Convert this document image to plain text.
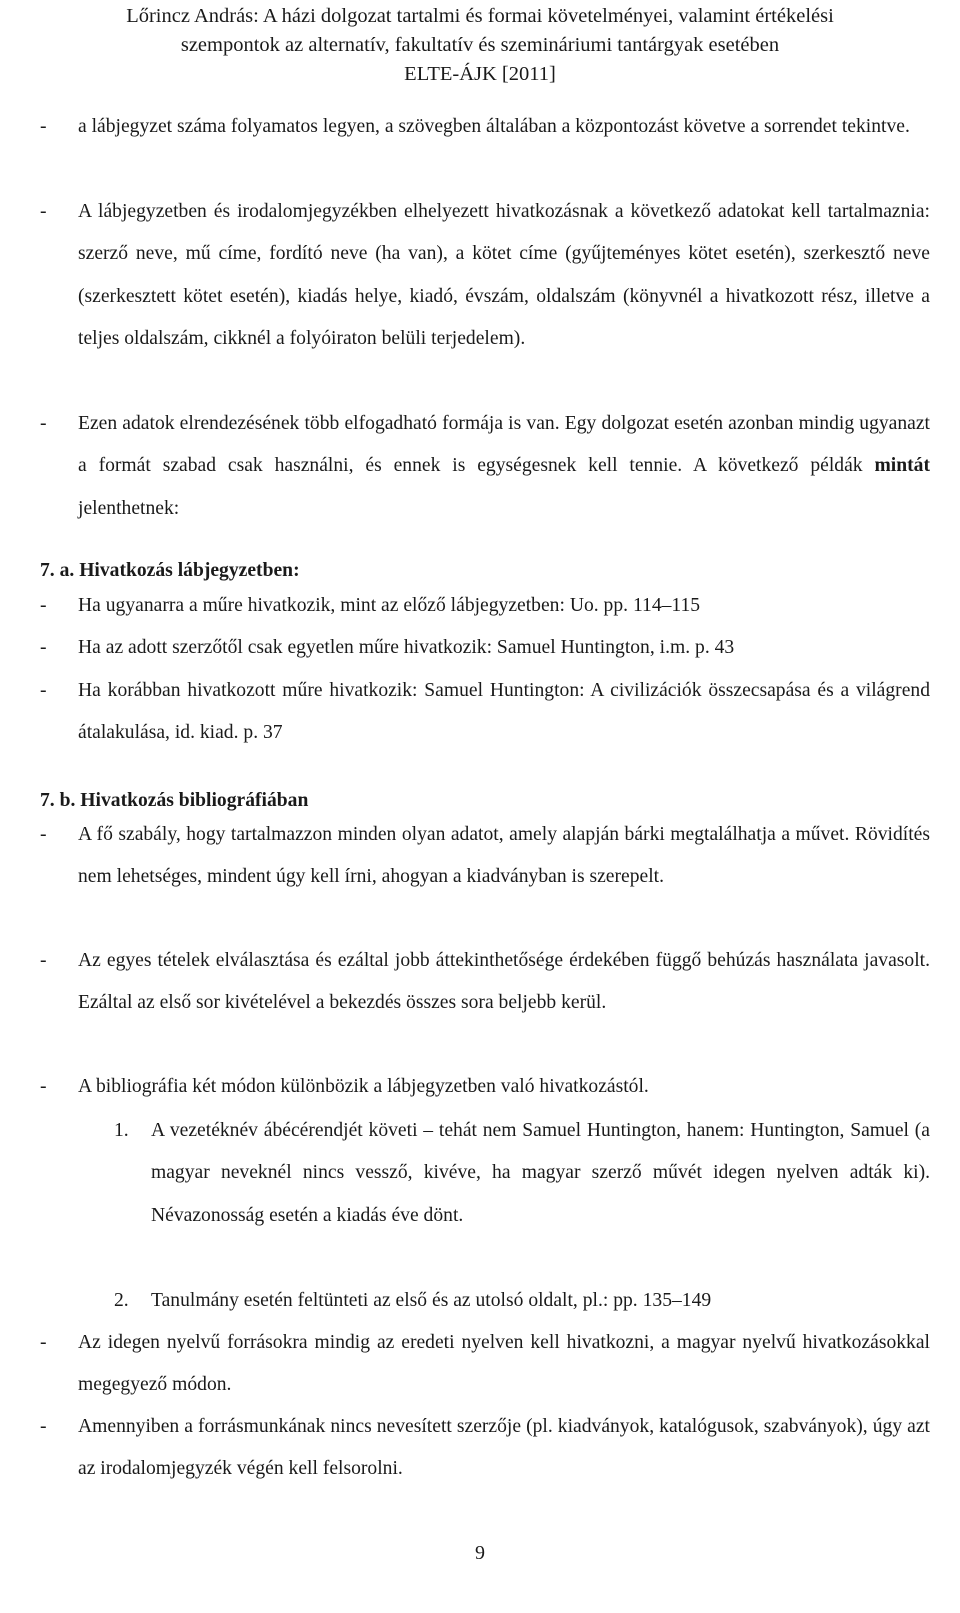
Lőrincz András: A házi dolgozat tartalmi és formai követelményei, valamint értékelési
szempontok az alternatív, fakultatív és szemináriumi tantárgyak esetében
ELTE-ÁJK [2011]
- a lábjegyzet száma folyamatos legyen, a szövegben általában a központozást követve a sorrendet tekintve.
- A lábjegyzetben és irodalomjegyzékben elhelyezett hivatkozásnak a következő adatokat kell tartalmaznia: szerző neve, mű címe, fordító neve (ha van), a kötet címe (gyűjteményes kötet esetén), szerkesztő neve (szerkesztett kötet esetén), kiadás helye, kiadó, évszám, oldalszám (könyvnél a hivatkozott rész, illetve a teljes oldalszám, cikknél a folyóiraton belüli terjedelem).
- Ezen adatok elrendezésének több elfogadható formája is van. Egy dolgozat esetén azonban mindig ugyanazt a formát szabad csak használni, és ennek is egységesnek kell tennie. A következő példák mintát jelenthetnek:
7. a. Hivatkozás lábjegyzetben:
- Ha ugyanarra a műre hivatkozik, mint az előző lábjegyzetben: Uo. pp. 114–115
- Ha az adott szerzőtől csak egyetlen műre hivatkozik: Samuel Huntington, i.m. p. 43
- Ha korábban hivatkozott műre hivatkozik: Samuel Huntington: A civilizációk összecsapása és a világrend átalakulása, id. kiad. p. 37
7. b. Hivatkozás bibliográfiában
- A fő szabály, hogy tartalmazzon minden olyan adatot, amely alapján bárki megtalálhatja a művet. Rövidítés nem lehetséges, mindent úgy kell írni, ahogyan a kiadványban is szerepelt.
- Az egyes tételek elválasztása és ezáltal jobb áttekinthetősége érdekében függő behúzás használata javasolt. Ezáltal az első sor kivételével a bekezdés összes sora beljebb kerül.
- A bibliográfia két módon különbözik a lábjegyzetben való hivatkozástól.
1. A vezetéknév ábécérendjét követi – tehát nem Samuel Huntington, hanem: Huntington, Samuel (a magyar neveknél nincs vessző, kivéve, ha magyar szerző művét idegen nyelven adták ki). Névazonosság esetén a kiadás éve dönt.
2. Tanulmány esetén feltünteti az első és az utolsó oldalt, pl.: pp. 135–149
- Az idegen nyelvű forrásokra mindig az eredeti nyelven kell hivatkozni, a magyar nyelvű hivatkozásokkal megegyező módon.
- Amennyiben a forrásmunkának nincs nevesített szerzője (pl. kiadványok, katalógusok, szabványok), úgy azt az irodalomjegyzék végén kell felsorolni.
9
